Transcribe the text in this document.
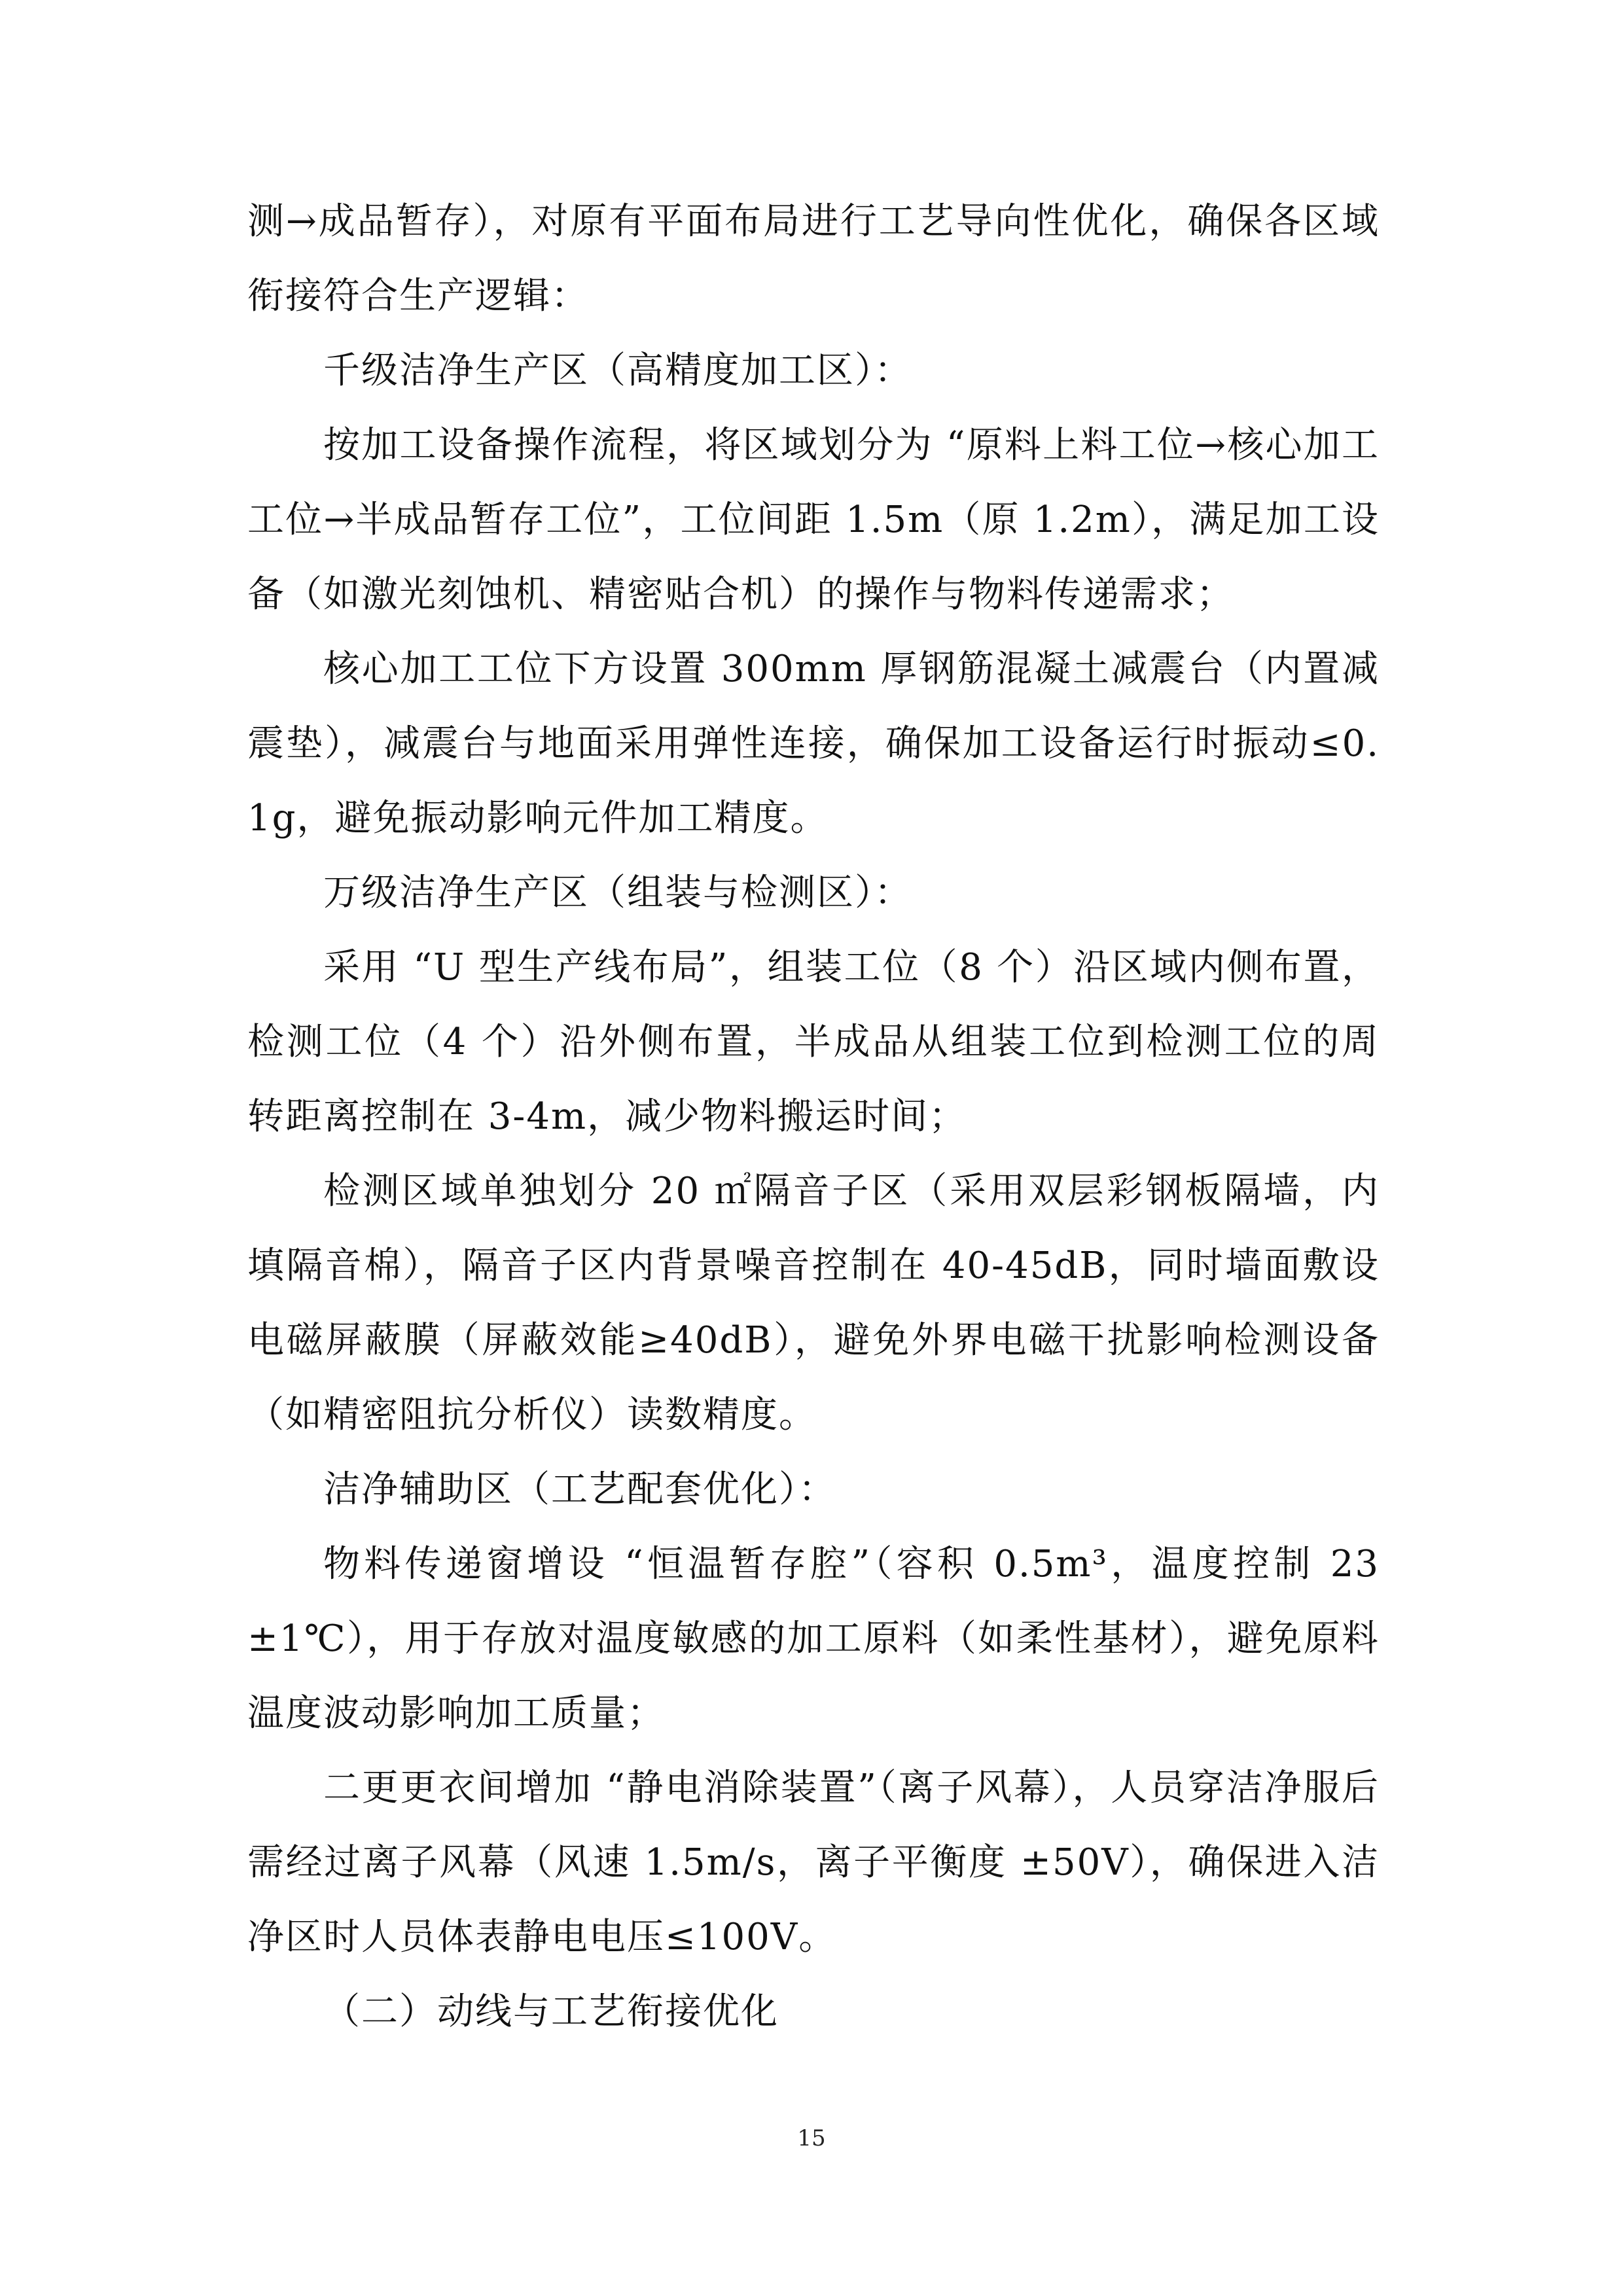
测→成品暂存），对原有平面布局进行工艺导向性优化，确保各区域衔接符合生产逻辑：

千级洁净生产区（高精度加工区）：

按加工设备操作流程，将区域划分为 “原料上料工位→核心加工工位→半成品暂存工位”，工位间距 1.5m（原 1.2m），满足加工设备（如激光刻蚀机、精密贴合机）的操作与物料传递需求；

核心加工工位下方设置 300mm 厚钢筋混凝土减震台（内置减震垫），减震台与地面采用弹性连接，确保加工设备运行时振动≤0.1g，避免振动影响元件加工精度。

万级洁净生产区（组装与检测区）：

采用 “U 型生产线布局”，组装工位（8 个）沿区域内侧布置，检测工位（4 个）沿外侧布置，半成品从组装工位到检测工位的周转距离控制在 3-4m，减少物料搬运时间；

检测区域单独划分 20 ㎡隔音子区（采用双层彩钢板隔墙，内填隔音棉），隔音子区内背景噪音控制在 40-45dB，同时墙面敷设电磁屏蔽膜（屏蔽效能≥40dB），避免外界电磁干扰影响检测设备（如精密阻抗分析仪）读数精度。

洁净辅助区（工艺配套优化）：

物料传递窗增设 “恒温暂存腔”（容积 0.5m³，温度控制 23±1℃），用于存放对温度敏感的加工原料（如柔性基材），避免原料温度波动影响加工质量；

二更更衣间增加 “静电消除装置”（离子风幕），人员穿洁净服后需经过离子风幕（风速 1.5m/s，离子平衡度 ±50V），确保进入洁净区时人员体表静电电压≤100V。

（二）动线与工艺衔接优化

15
